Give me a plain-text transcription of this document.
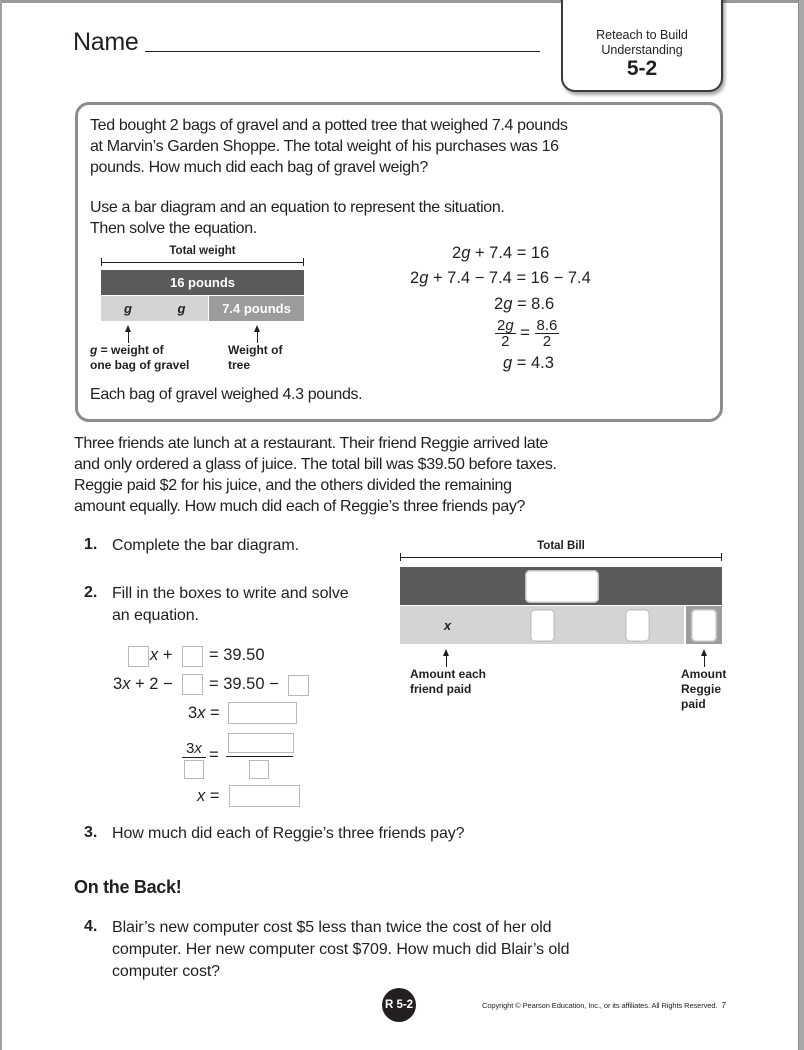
Name	Reteach to Build
Understanding
5-2
Ted bought 2 bags of gravel and a potted tree that weighed 7.4 pounds
at Marvin’s Garden Shoppe. The total weight of his purchases was 16
pounds. How much did each bag of gravel weigh?
Use a bar diagram and an equation to represent the situation.
Then solve the equation.
Total weight
16 pounds
g	g	7.4 pounds
g = weight of
one bag of gravel
Weight of
tree
2g + 7.4 = 16
2g + 7.4 − 7.4 = 16 − 7.4
2g = 8.6
$\frac{2g}{2} = \frac{8.6}{2}$
g = 4.3
Each bag of gravel weighed 4.3 pounds.
Three friends ate lunch at a restaurant. Their friend Reggie arrived late
and only ordered a glass of juice. The total bill was $39.50 before taxes.
Reggie paid $2 for his juice, and the others divided the remaining
amount equally. How much did each of Reggie’s three friends pay?
1. Complete the bar diagram.
2. Fill in the boxes to write and solve
an equation.
x + = 39.50
3x + 2 − = 39.50 −
3x =
3x =
x =
Total Bill
x
Amount each
friend paid
Amount
Reggie
paid
3. How much did each of Reggie’s three friends pay?
On the Back!
4. Blair’s new computer cost $5 less than twice the cost of her old
computer. Her new computer cost $709. How much did Blair’s old
computer cost?
R 5-2	Copyright © Pearson Education, Inc., or its affiliates. All Rights Reserved. 7
